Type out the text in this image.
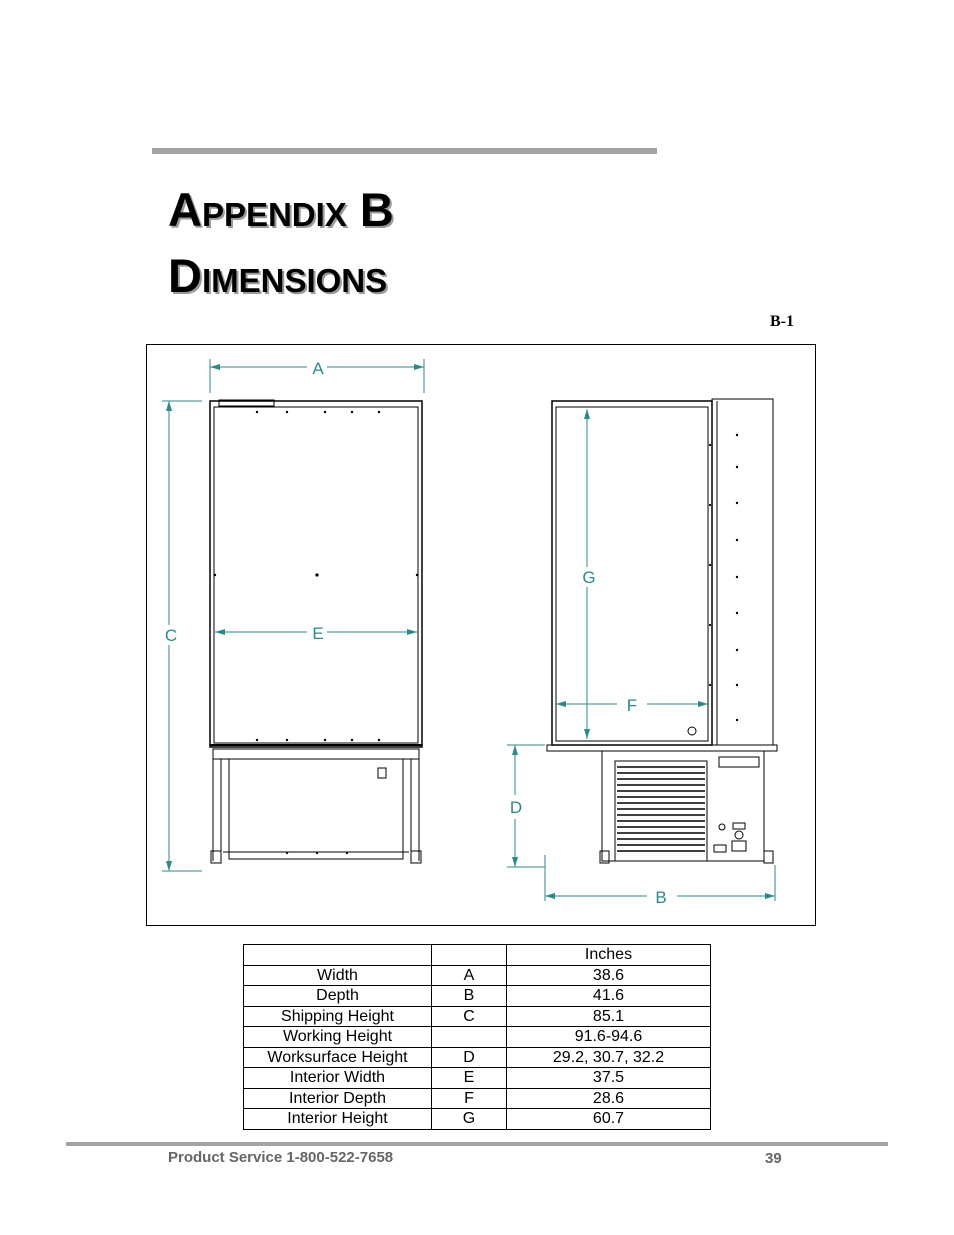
Appendix B
Dimensions
B-1
A
B
C
D
E
F
G
		Inches
Width	A	38.6
Depth	B	41.6
Shipping Height	C	85.1
Working Height		91.6-94.6
Worksurface Height	D	29.2, 30.7, 32.2
Interior Width	E	37.5
Interior Depth	F	28.6
Interior Height	G	60.7
Product Service 1-800-522-7658	39
